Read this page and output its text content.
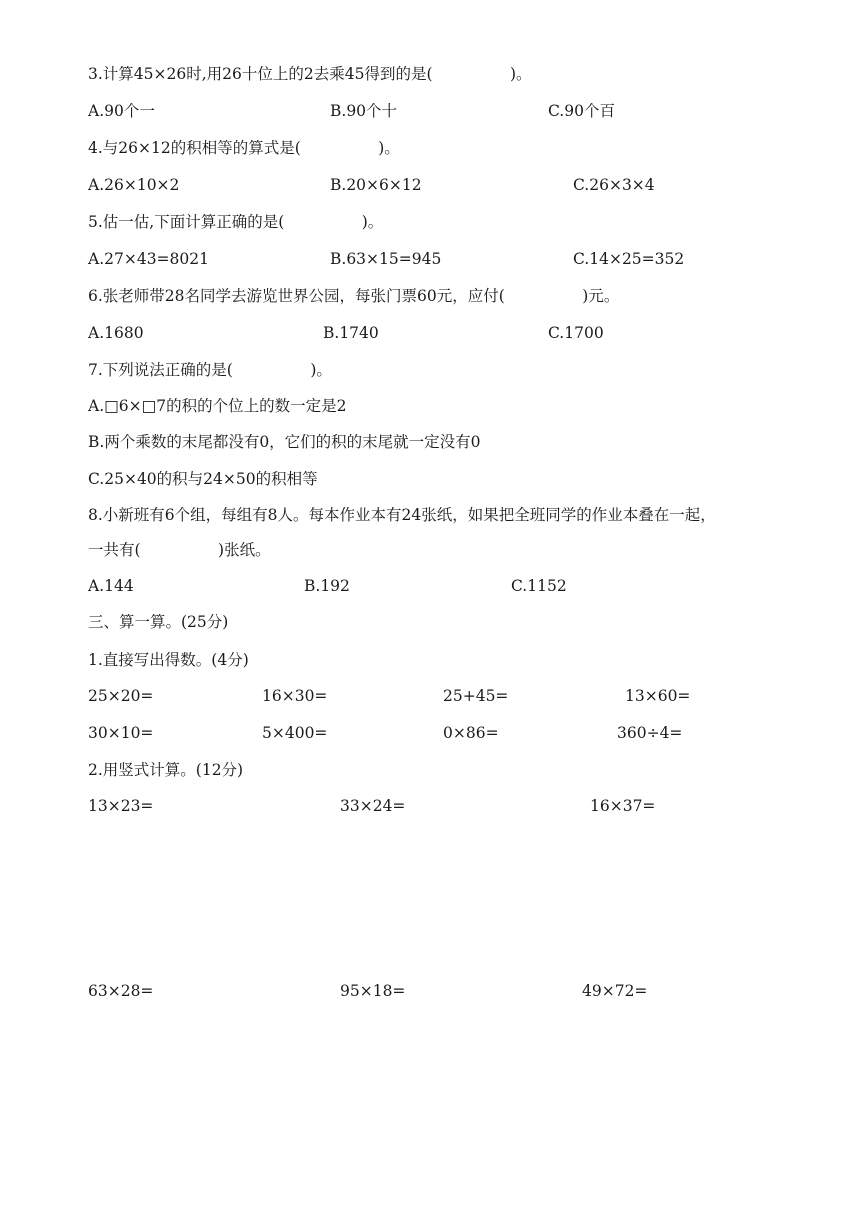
3.计算45×26时,用26十位上的2去乘45得到的是(　　　　　)。
A.90个一	B.90个十	C.90个百
4.与26×12的积相等的算式是(　　　　　)。
A.26×10×2	B.20×6×12	C.26×3×4
5.估一估,下面计算正确的是(　　　　　)。
A.27×43=8021	B.63×15=945	C.14×25=352
6.张老师带28名同学去游览世界公园，每张门票60元，应付(　　　　　)元。
A.1680	B.1740	C.1700
7.下列说法正确的是(　　　　　)。
A.□6×□7的积的个位上的数一定是2
B.两个乘数的末尾都没有0，它们的积的末尾就一定没有0
C.25×40的积与24×50的积相等
8.小新班有6个组，每组有8人。每本作业本有24张纸，如果把全班同学的作业本叠在一起，
一共有(　　　　　)张纸。
A.144	B.192	C.1152
三、算一算。(25分)
1.直接写出得数。(4分)
25×20=	16×30=	25+45=	13×60=
30×10=	5×400=	0×86=	360÷4=
2.用竖式计算。(12分)
13×23=	33×24=	16×37=
63×28=	95×18=	49×72=
